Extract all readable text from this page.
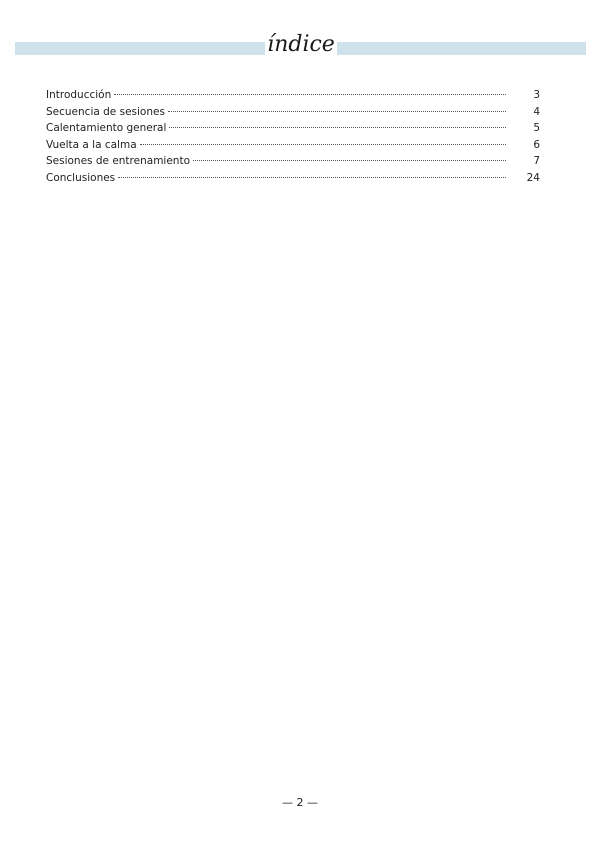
índice
Introducción	3
Secuencia de sesiones	4
Calentamiento general	5
Vuelta a la calma	6
Sesiones de entrenamiento	7
Conclusiones	24
— 2 —
